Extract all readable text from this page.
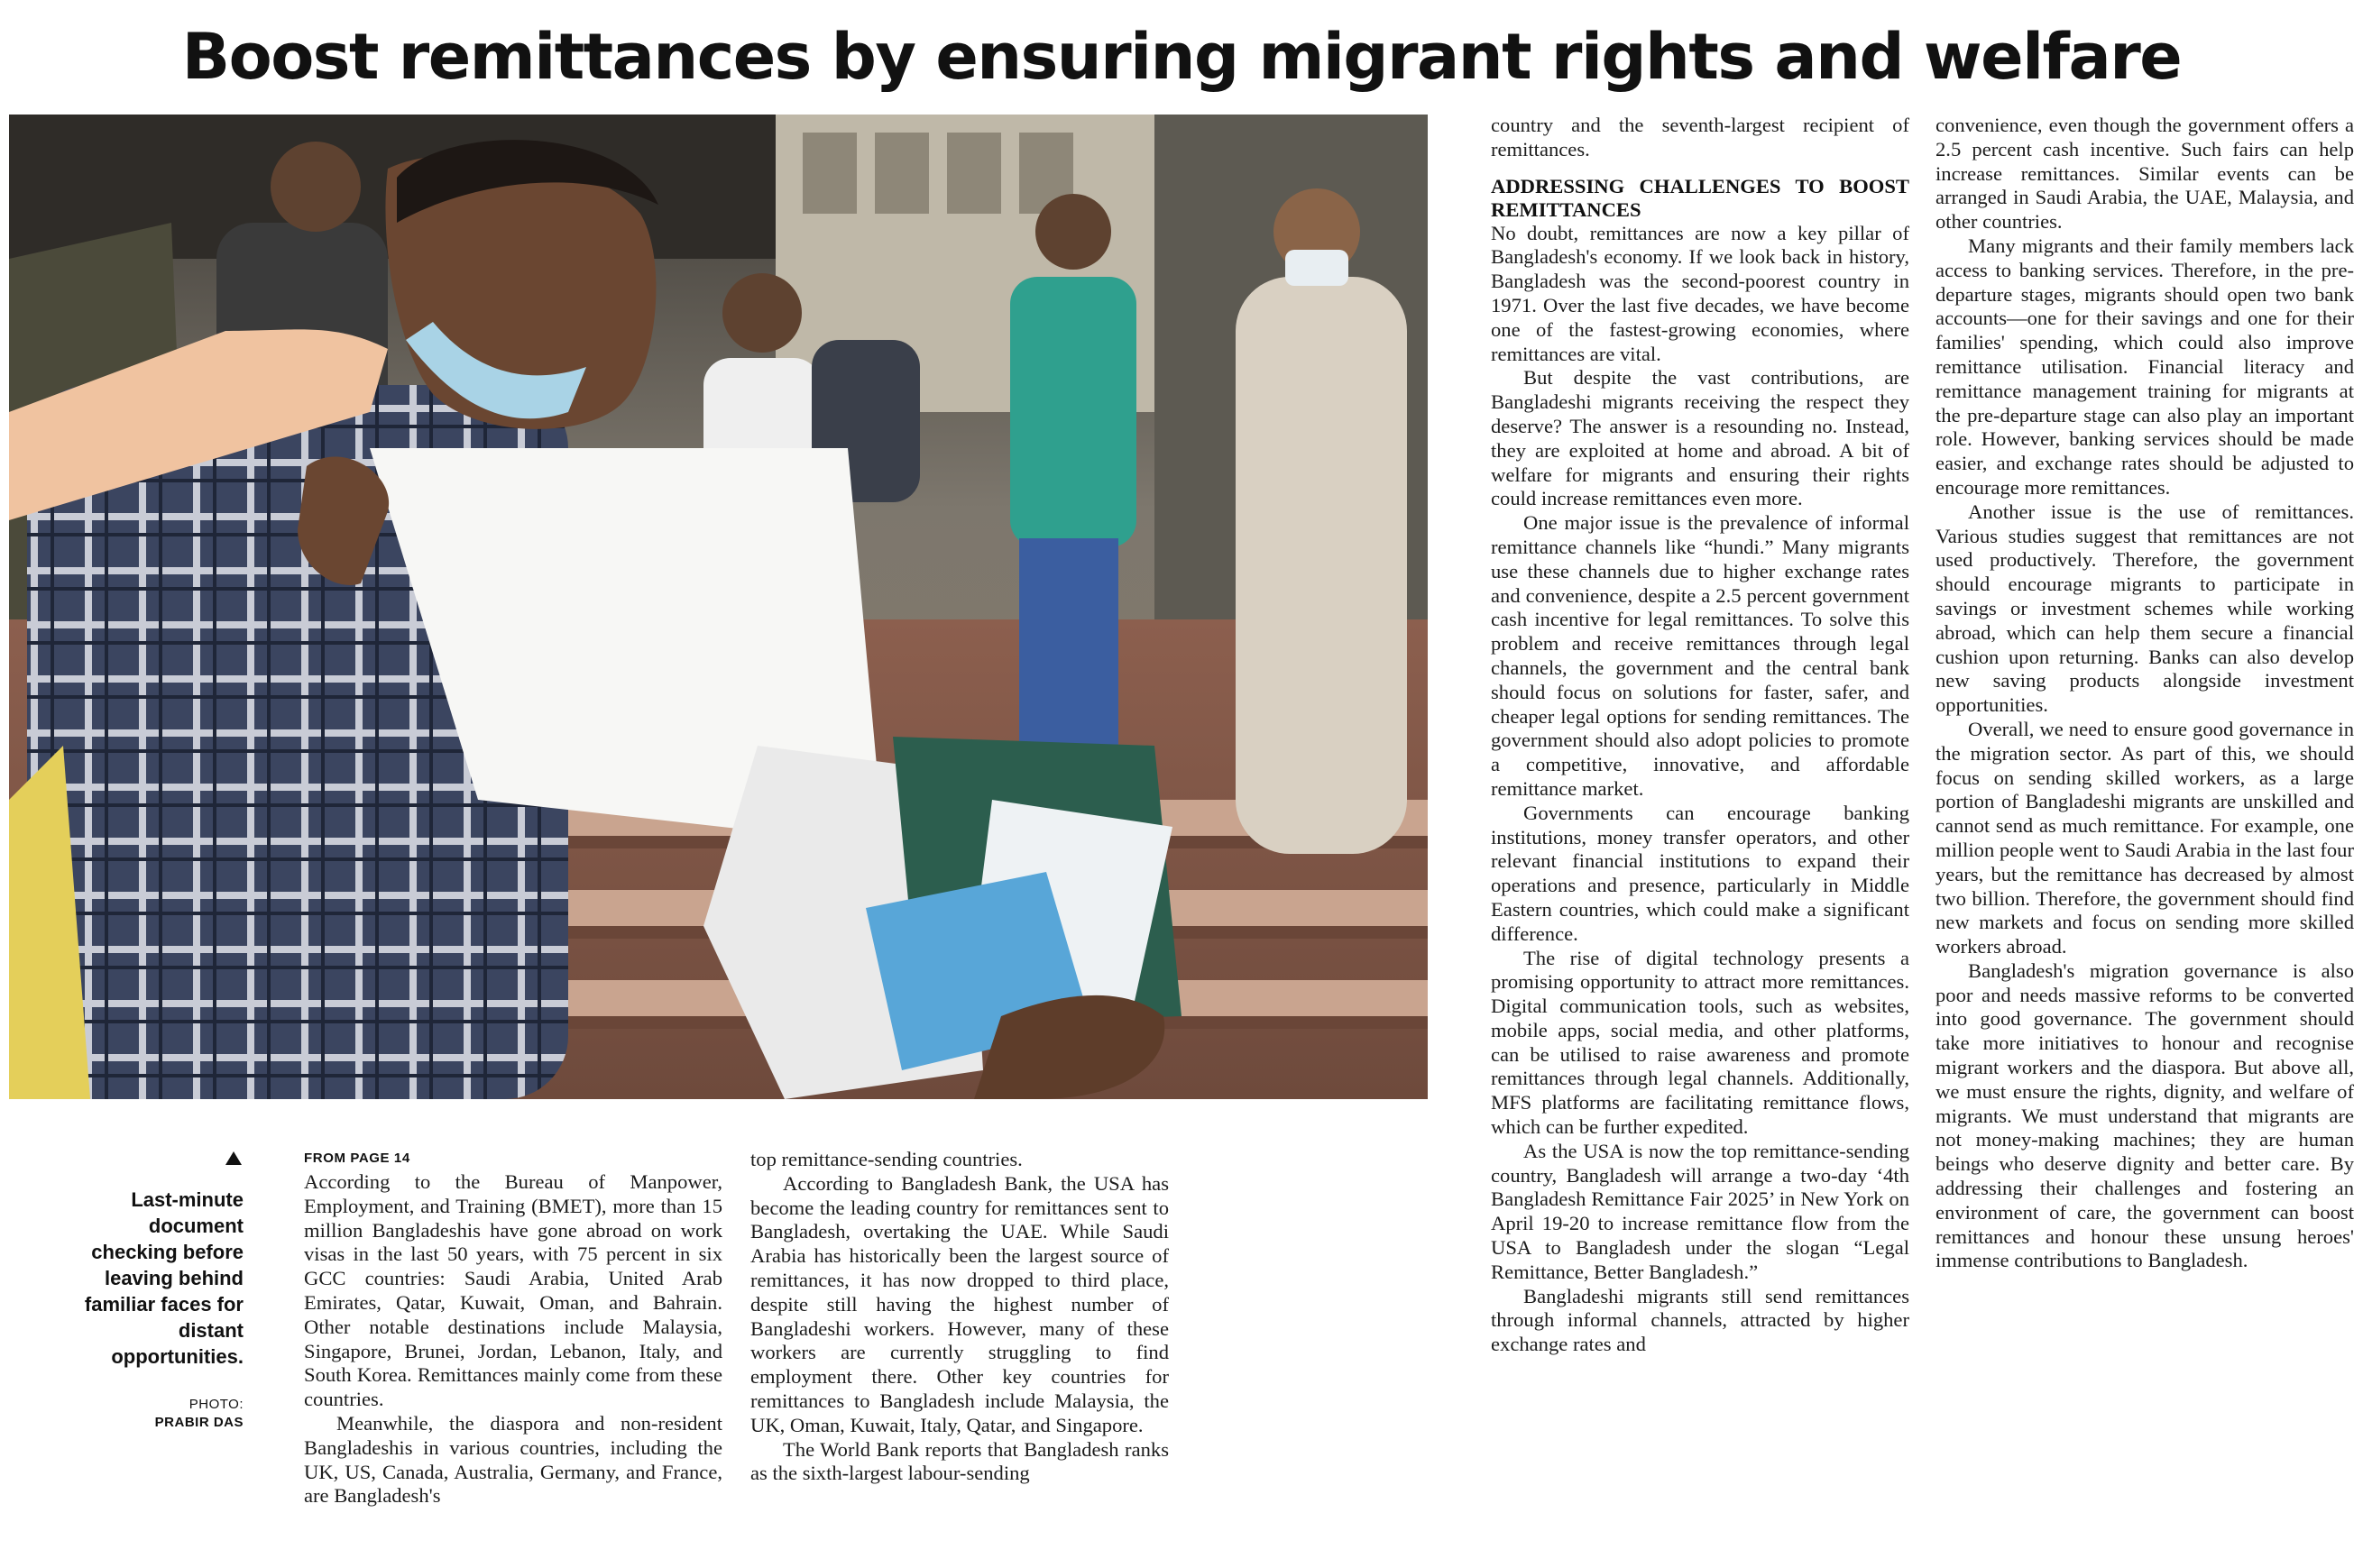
Boost remittances by ensuring migrant rights and welfare
Last-minute document checking before leaving behind familiar faces for distant opportunities.
PHOTO:
PRABIR DAS
FROM PAGE 14

According to the Bureau of Manpower, Employment, and Training (BMET), more than 15 million Bangladeshis have gone abroad on work visas in the last 50 years, with 75 percent in six GCC countries: Saudi Arabia, United Arab Emirates, Qatar, Kuwait, Oman, and Bahrain. Other notable destinations include Malaysia, Singapore, Brunei, Jordan, Lebanon, Italy, and South Korea. Remittances mainly come from these countries.

Meanwhile, the diaspora and non-resident Bangladeshis in various countries, including the UK, US, Canada, Australia, Germany, and France, are Bangladesh's

top remittance-sending countries.

According to Bangladesh Bank, the USA has become the leading country for remittances sent to Bangladesh, overtaking the UAE. While Saudi Arabia has historically been the largest source of remittances, it has now dropped to third place, despite still having the highest number of Bangladeshi workers. However, many of these workers are currently struggling to find employment there. Other key countries for remittances to Bangladesh include Malaysia, the UK, Oman, Kuwait, Italy, Qatar, and Singapore.

The World Bank reports that Bangladesh ranks as the sixth-largest labour-sending

country and the seventh-largest recipient of remittances.

ADDRESSING CHALLENGES TO BOOST REMITTANCES

No doubt, remittances are now a key pillar of Bangladesh's economy. If we look back in history, Bangladesh was the second-poorest country in 1971. Over the last five decades, we have become one of the fastest-growing economies, where remittances are vital.

But despite the vast contributions, are Bangladeshi migrants receiving the respect they deserve? The answer is a resounding no. Instead, they are exploited at home and abroad. A bit of welfare for migrants and ensuring their rights could increase remittances even more.

One major issue is the prevalence of informal remittance channels like “hundi.” Many migrants use these channels due to higher exchange rates and convenience, despite a 2.5 percent government cash incentive for legal remittances. To solve this problem and receive remittances through legal channels, the government and the central bank should focus on solutions for faster, safer, and cheaper legal options for sending remittances. The government should also adopt policies to promote a competitive, innovative, and affordable remittance market.

Governments can encourage banking institutions, money transfer operators, and other relevant financial institutions to expand their operations and presence, particularly in Middle Eastern countries, which could make a significant difference.

The rise of digital technology presents a promising opportunity to attract more remittances. Digital communication tools, such as websites, mobile apps, social media, and other platforms, can be utilised to raise awareness and promote remittances through legal channels. Additionally, MFS platforms are facilitating remittance flows, which can be further expedited.

As the USA is now the top remittance-sending country, Bangladesh will arrange a two-day ‘4th Bangladesh Remittance Fair 2025’ in New York on April 19-20 to increase remittance flow from the USA to Bangladesh under the slogan “Legal Remittance, Better Bangladesh.”

Bangladeshi migrants still send remittances through informal channels, attracted by higher exchange rates and

convenience, even though the government offers a 2.5 percent cash incentive. Such fairs can help increase remittances. Similar events can be arranged in Saudi Arabia, the UAE, Malaysia, and other countries.

Many migrants and their family members lack access to banking services. Therefore, in the pre-departure stages, migrants should open two bank accounts—one for their savings and one for their families' spending, which could also improve remittance utilisation. Financial literacy and remittance management training for migrants at the pre-departure stage can also play an important role. However, banking services should be made easier, and exchange rates should be adjusted to encourage more remittances.

Another issue is the use of remittances. Various studies suggest that remittances are not used productively. Therefore, the government should encourage migrants to participate in savings or investment schemes while working abroad, which can help them secure a financial cushion upon returning. Banks can also develop new saving products alongside investment opportunities.

Overall, we need to ensure good governance in the migration sector. As part of this, we should focus on sending skilled workers, as a large portion of Bangladeshi migrants are unskilled and cannot send as much remittance. For example, one million people went to Saudi Arabia in the last four years, but the remittance has decreased by almost two billion. Therefore, the government should find new markets and focus on sending more skilled workers abroad.

Bangladesh's migration governance is also poor and needs massive reforms to be converted into good governance. The government should take more initiatives to honour and recognise migrant workers and the diaspora. But above all, we must ensure the rights, dignity, and welfare of migrants. We must understand that migrants are not money-making machines; they are human beings who deserve dignity and better care. By addressing their challenges and fostering an environment of care, the government can boost remittances and honour these unsung heroes' immense contributions to Bangladesh.
